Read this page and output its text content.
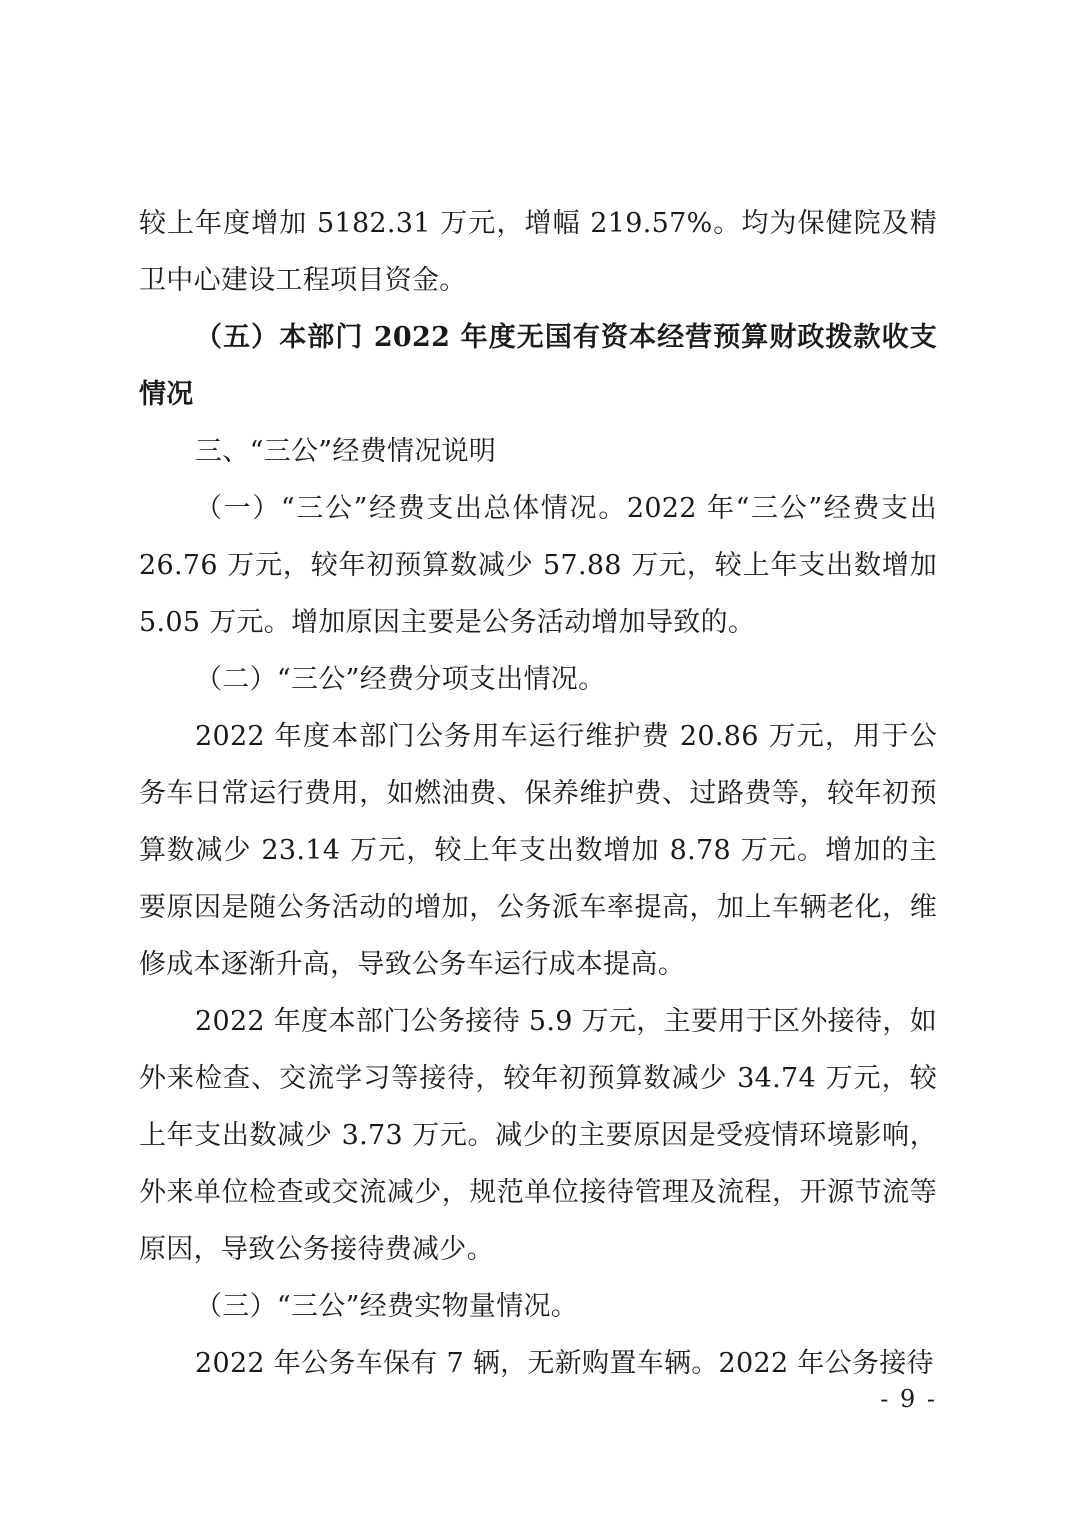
较上年度增加 5182.31 万元，增幅 219.57%。均为保健院及精卫中心建设工程项目资金。

（五）本部门 2022 年度无国有资本经营预算财政拨款收支情况

三、“三公”经费情况说明

（一）“三公”经费支出总体情况。2022 年“三公”经费支出 26.76 万元，较年初预算数减少 57.88 万元，较上年支出数增加 5.05 万元。增加原因主要是公务活动增加导致的。

（二）“三公”经费分项支出情况。

2022 年度本部门公务用车运行维护费 20.86 万元，用于公务车日常运行费用，如燃油费、保养维护费、过路费等，较年初预算数减少 23.14 万元，较上年支出数增加 8.78 万元。增加的主要原因是随公务活动的增加，公务派车率提高，加上车辆老化，维修成本逐渐升高，导致公务车运行成本提高。

2022 年度本部门公务接待 5.9 万元，主要用于区外接待，如外来检查、交流学习等接待，较年初预算数减少 34.74 万元，较上年支出数减少 3.73 万元。减少的主要原因是受疫情环境影响，外来单位检查或交流减少，规范单位接待管理及流程，开源节流等原因，导致公务接待费减少。

（三）“三公”经费实物量情况。

2022 年公务车保有 7 辆，无新购置车辆。2022 年公务接待

- 9 -
